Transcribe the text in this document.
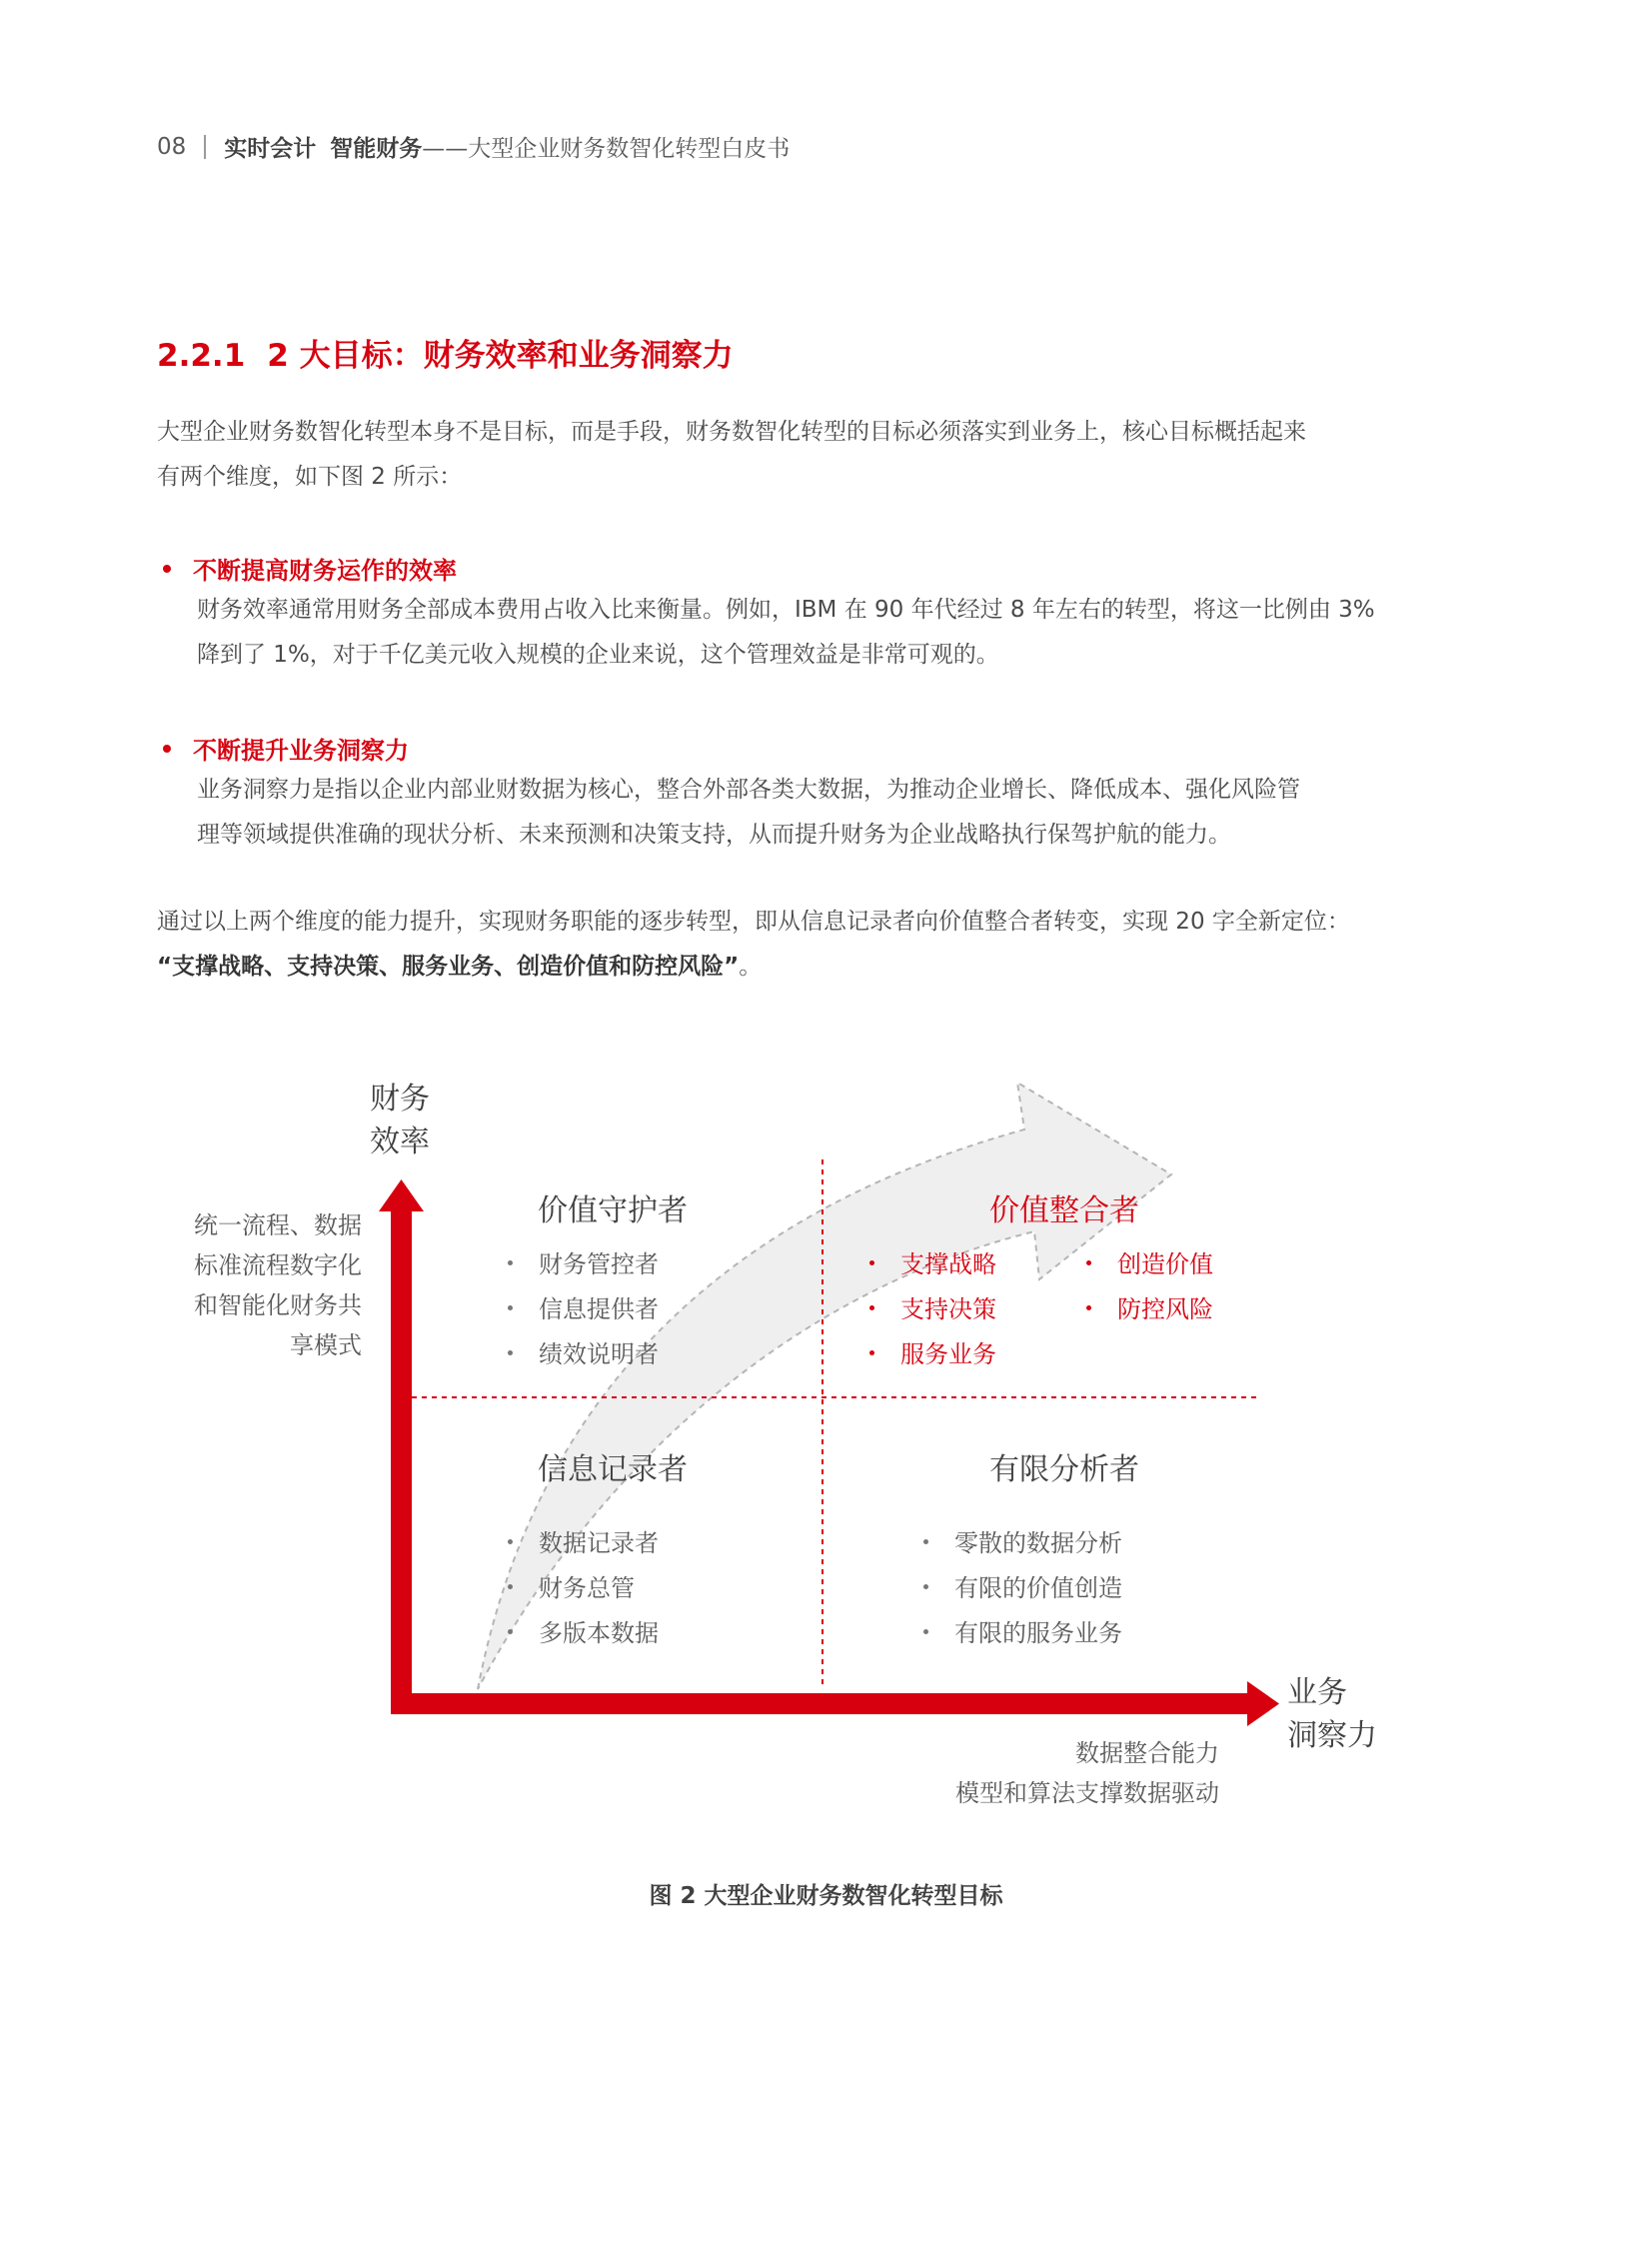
08 实时会计 智能财务 ——大型企业财务数智化转型白皮书
2.2.1 2 大目标：财务效率和业务洞察力
大型企业财务数智化转型本身不是目标，而是手段，财务数智化转型的目标必须落实到业务上，核心目标概括起来
有两个维度，如下图 2 所示：
不断提高财务运作的效率
财务效率通常用财务全部成本费用占收入比来衡量。例如，IBM 在 90 年代经过 8 年左右的转型，将这一比例由 3%
降到了 1%，对于千亿美元收入规模的企业来说，这个管理效益是非常可观的。
不断提升业务洞察力
业务洞察力是指以企业内部业财数据为核心，整合外部各类大数据，为推动企业增长、降低成本、强化风险管
理等领域提供准确的现状分析、未来预测和决策支持，从而提升财务为企业战略执行保驾护航的能力。
通过以上两个维度的能力提升，实现财务职能的逐步转型，即从信息记录者向价值整合者转变，实现 20 字全新定位：
“支撑战略、支持决策、服务业务、创造价值和防控风险”。
财务
效率
业务
洞察力
统一流程、数据
标准流程数字化
和智能化财务共
享模式
数据整合能力
模型和算法支撑数据驱动
价值守护者
财务管控者
信息提供者
绩效说明者
价值整合者
支撑战略
支持决策
服务业务
创造价值
防控风险
信息记录者
数据记录者
财务总管
多版本数据
有限分析者
零散的数据分析
有限的价值创造
有限的服务业务
图 2 大型企业财务数智化转型目标
